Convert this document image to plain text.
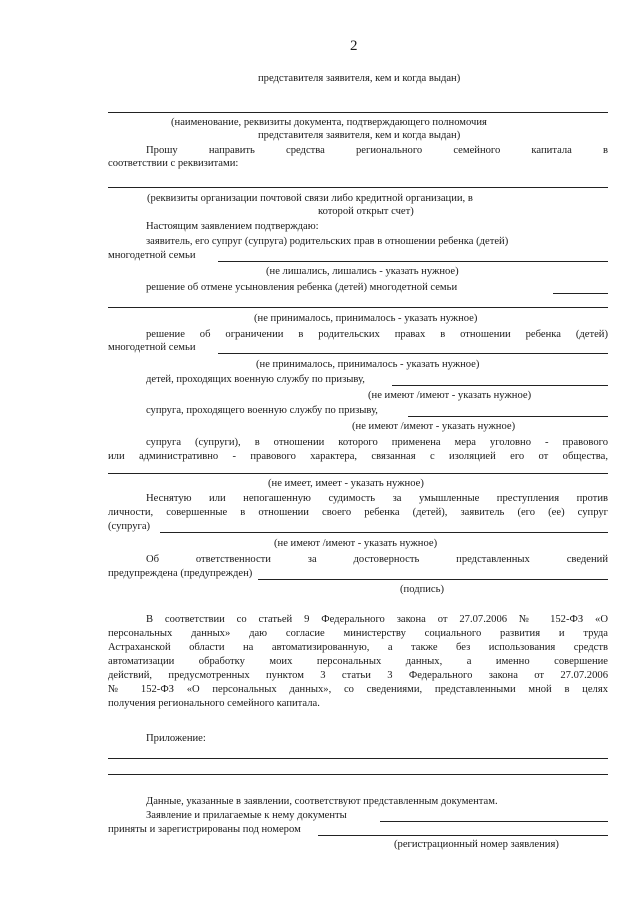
2
представителя заявителя, кем и когда выдан)
(наименование, реквизиты документа, подтверждающего полномочия
представителя заявителя, кем и когда выдан)
Прошу направить средства регионального семейного капитала в
соответствии с реквизитами:
(реквизиты организации почтовой связи либо кредитной организации, в
которой открыт счет)
Настоящим заявлением подтверждаю:
заявитель, его супруг (супруга) родительских прав в отношении ребенка (детей)
многодетной семьи
(не лишались, лишались - указать нужное)
решение об отмене усыновления ребенка (детей) многодетной семьи
(не принималось, принималось - указать нужное)
решение об ограничении в родительских правах в отношении ребенка (детей)
многодетной семьи
(не принималось, принималось - указать нужное)
детей, проходящих военную службу по призыву,
(не имеют /имеют - указать нужное)
супруга, проходящего военную службу по призыву,
(не имеют /имеют - указать нужное)
супруга (супруги), в отношении которого применена мера уголовно - правового
или административно - правового характера, связанная с изоляцией его от общества,
(не имеет, имеет - указать нужное)
Неснятую или непогашенную судимость за умышленные преступления против
личности, совершенные в отношении своего ребенка (детей), заявитель (его (ее) супруг
(супруга)
(не имеют /имеют - указать нужное)
Об ответственности за достоверность представленных сведений
предупреждена (предупрежден)
(подпись)
В соответствии со статьей 9 Федерального закона от 27.07.2006 № 152-ФЗ «О
персональных данных» даю согласие министерству социального развития и труда
Астраханской области на автоматизированную, а также без использования средств
автоматизации обработку моих персональных данных, а именно совершение
действий, предусмотренных пунктом 3 статьи 3 Федерального закона от 27.07.2006
№ 152-ФЗ «О персональных данных», со сведениями, представленными мной в целях
получения регионального семейного капитала.
Приложение:
Данные, указанные в заявлении, соответствуют представленным документам.
Заявление и прилагаемые к нему документы
приняты и зарегистрированы под номером
(регистрационный номер заявления)
